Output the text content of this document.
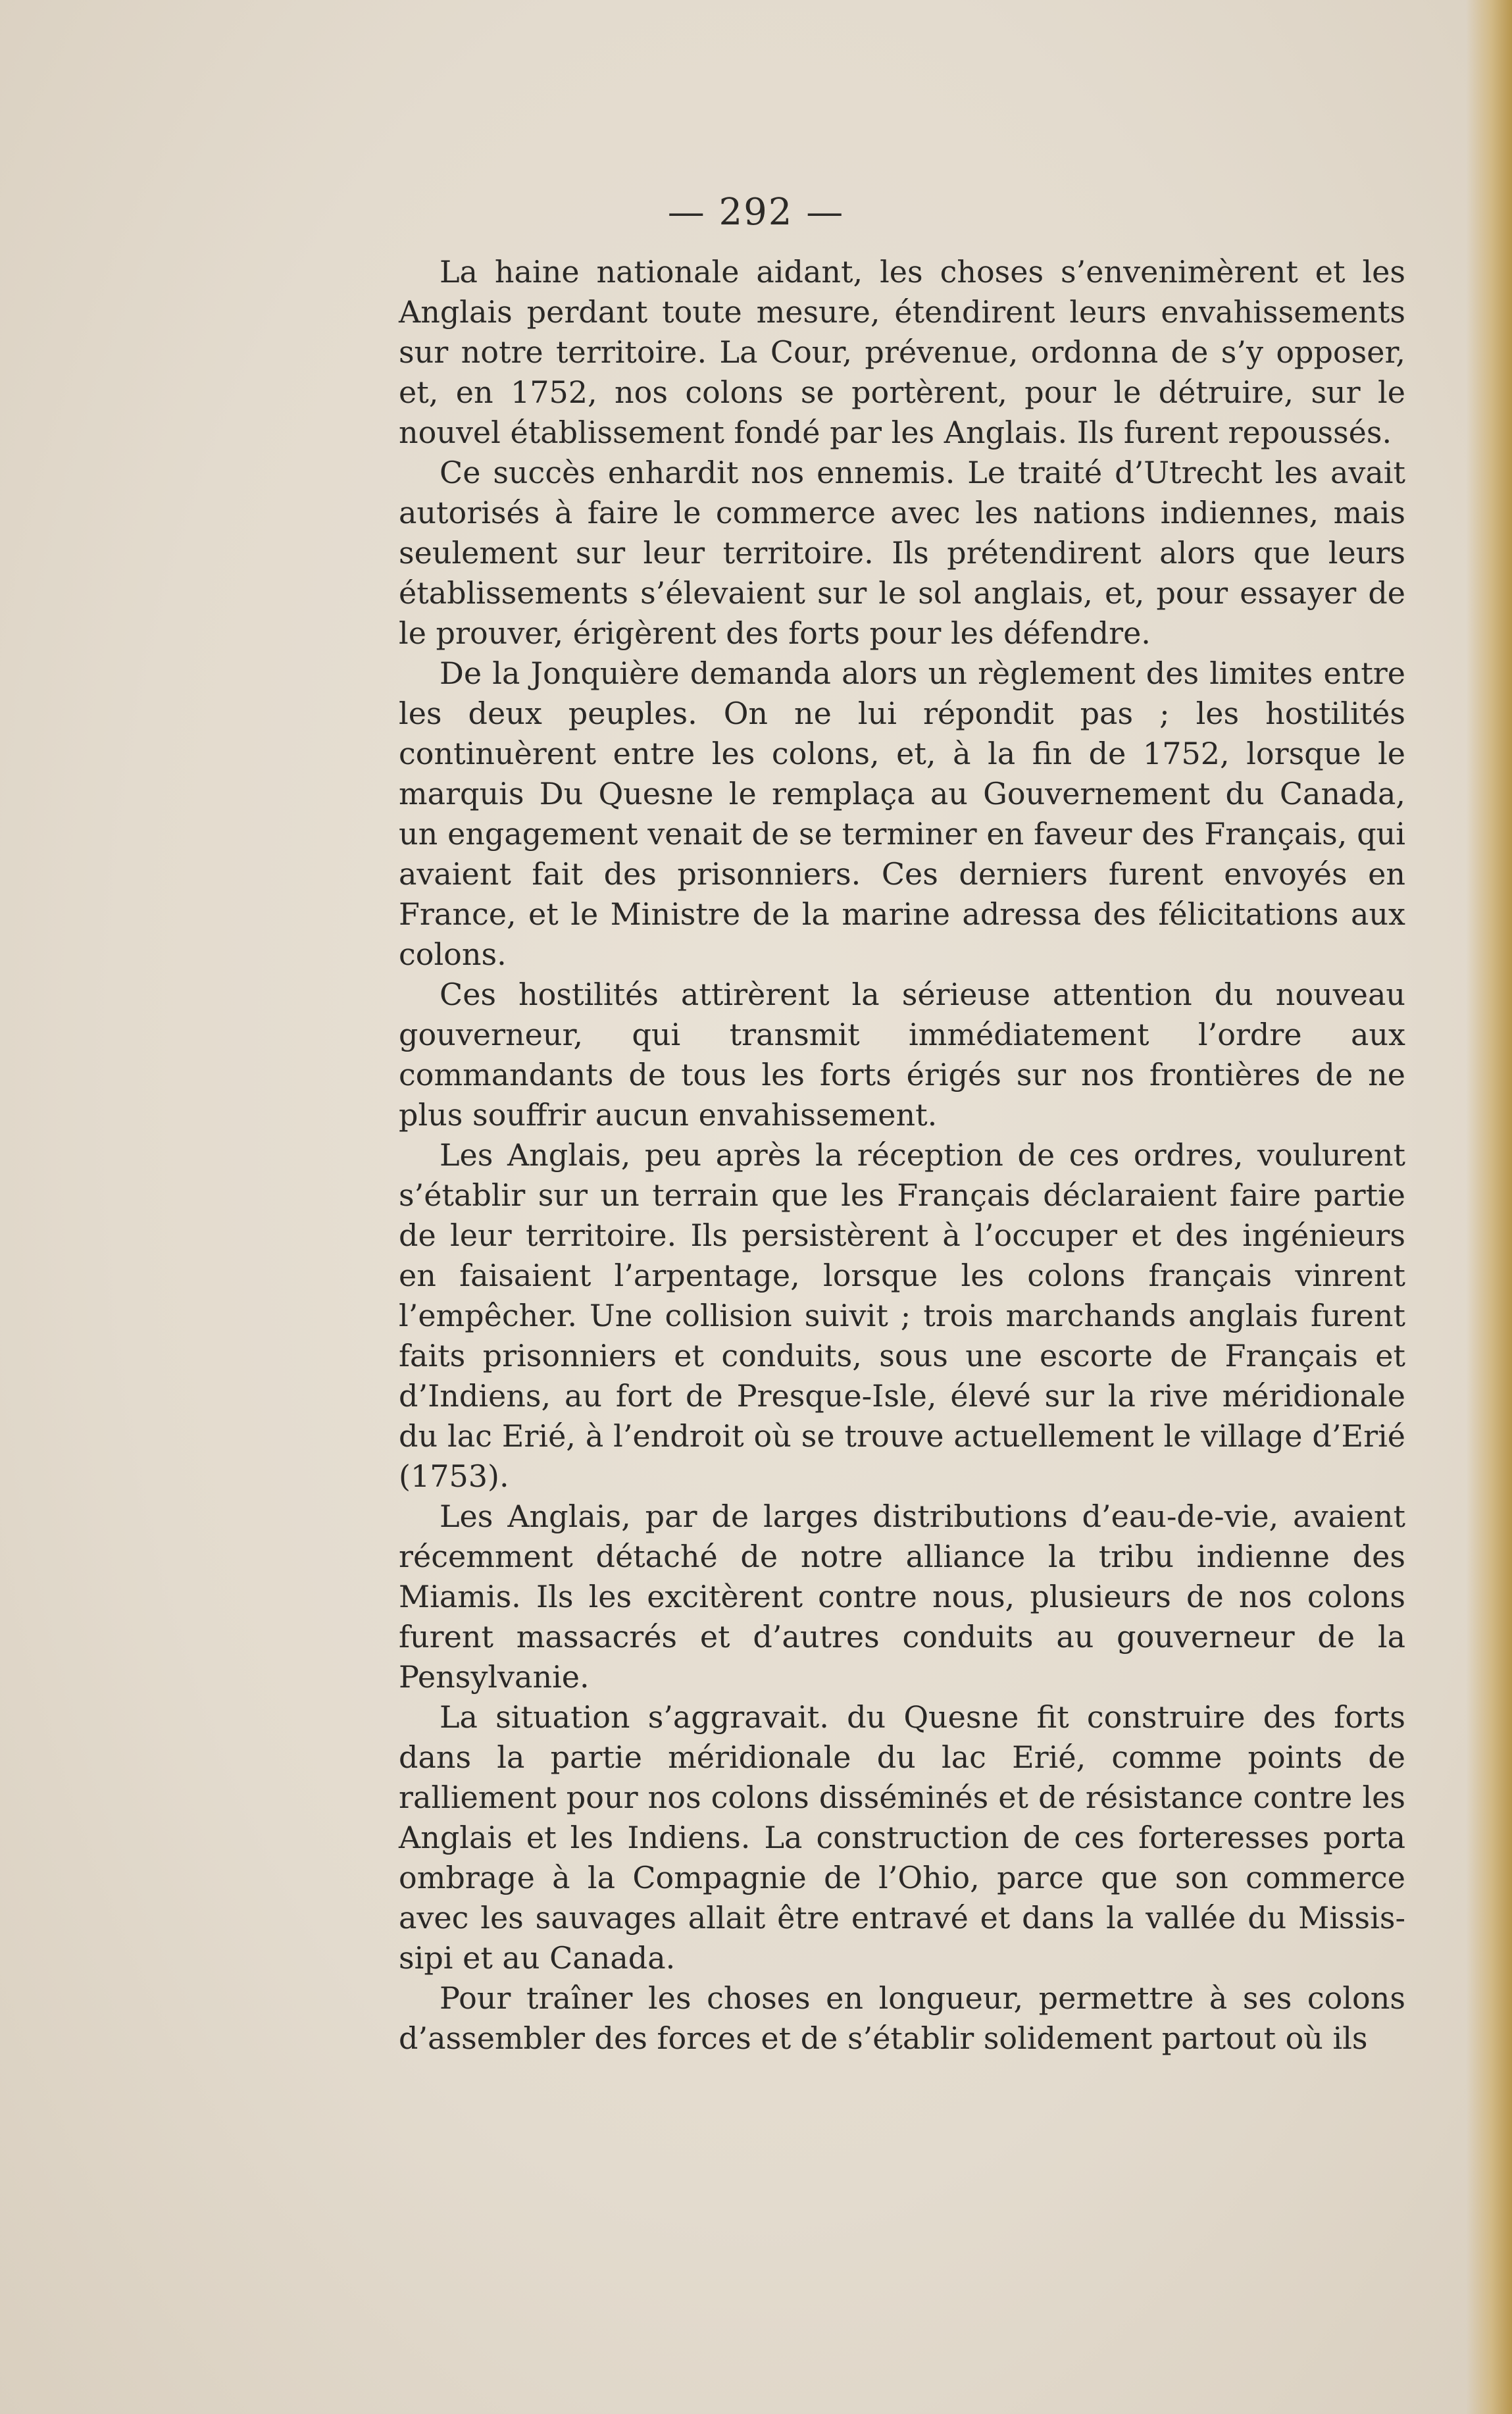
— 292 —

La haine nationale aidant, les choses s’envenimèrent et les Anglais perdant toute mesure, étendirent leurs envahissements sur notre territoire. La Cour, prévenue, ordonna de s’y opposer, et, en 1752, nos colons se portèrent, pour le détruire, sur le nouvel établissement fondé par les Anglais. Ils furent repoussés.

Ce succès enhardit nos ennemis. Le traité d’Utrecht les avait autorisés à faire le commerce avec les nations indiennes, mais seulement sur leur territoire. Ils prétendirent alors que leurs établissements s’élevaient sur le sol anglais, et, pour essayer de le prouver, érigèrent des forts pour les défendre.

De la Jonquière demanda alors un règlement des limites entre les deux peuples. On ne lui répondit pas ; les hostilités continuèrent entre les colons, et, à la fin de 1752, lorsque le marquis Du Quesne le remplaça au Gouvernement du Canada, un engagement venait de se terminer en faveur des Français, qui avaient fait des prisonniers. Ces derniers furent envoyés en France, et le Ministre de la marine adressa des félicitations aux colons.

Ces hostilités attirèrent la sérieuse attention du nouveau gouverneur, qui transmit immédiatement l’ordre aux commandants de tous les forts érigés sur nos frontières de ne plus souffrir aucun envahissement.

Les Anglais, peu après la réception de ces ordres, voulurent s’établir sur un terrain que les Français déclaraient faire partie de leur territoire. Ils persistèrent à l’occuper et des ingénieurs en faisaient l’arpentage, lorsque les colons français vinrent l’empêcher. Une collision suivit ; trois marchands anglais furent faits prisonniers et conduits, sous une escorte de Français et d’Indiens, au fort de Presque-Isle, élevé sur la rive méridionale du lac Erié, à l’endroit où se trouve actuellement le village d’Erié (1753).

Les Anglais, par de larges distributions d’eau-de-vie, avaient récemment détaché de notre alliance la tribu indienne des Miamis. Ils les excitèrent contre nous, plusieurs de nos colons furent massacrés et d’autres conduits au gouverneur de la Pensylvanie.

La situation s’aggravait. du Quesne fit construire des forts dans la partie méridionale du lac Erié, comme points de ralliement pour nos colons disséminés et de résistance contre les Anglais et les Indiens. La construction de ces forteresses porta ombrage à la Compagnie de l’Ohio, parce que son commerce avec les sauvages allait être entravé et dans la vallée du Missis-sipi et au Canada.

Pour traîner les choses en longueur, permettre à ses colons d’assembler des forces et de s’établir solidement partout où ils
